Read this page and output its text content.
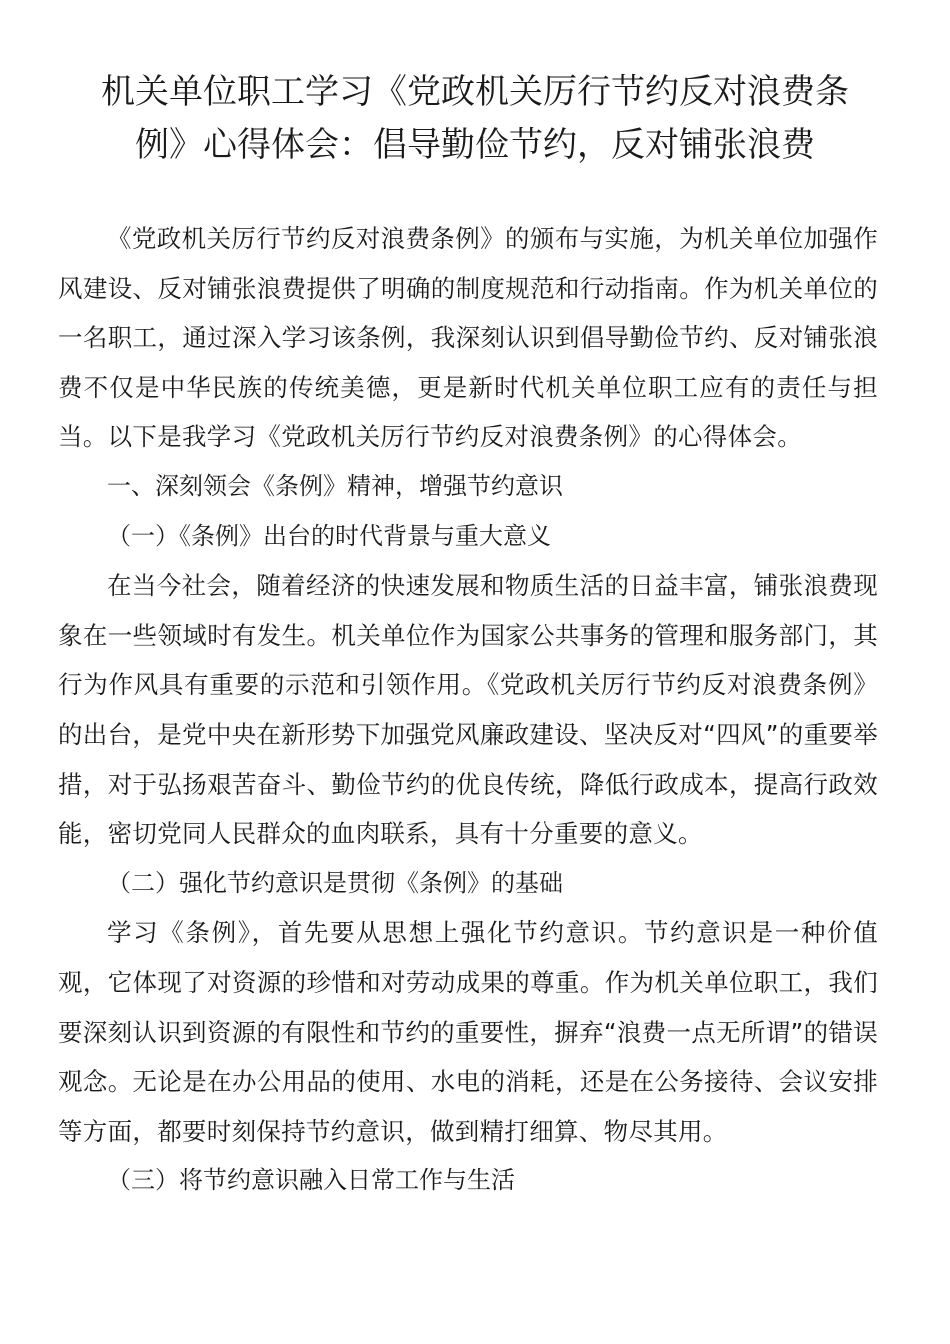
机关单位职工学习《党政机关厉行节约反对浪费条
例》心得体会：倡导勤俭节约，反对铺张浪费

《党政机关厉行节约反对浪费条例》的颁布与实施，为机关单位加强作风建设、反对铺张浪费提供了明确的制度规范和行动指南。作为机关单位的一名职工，通过深入学习该条例，我深刻认识到倡导勤俭节约、反对铺张浪费不仅是中华民族的传统美德，更是新时代机关单位职工应有的责任与担当。以下是我学习《党政机关厉行节约反对浪费条例》的心得体会。

一、深刻领会《条例》精神，增强节约意识

（一）《条例》出台的时代背景与重大意义

在当今社会，随着经济的快速发展和物质生活的日益丰富，铺张浪费现象在一些领域时有发生。机关单位作为国家公共事务的管理和服务部门，其行为作风具有重要的示范和引领作用。《党政机关厉行节约反对浪费条例》的出台，是党中央在新形势下加强党风廉政建设、坚决反对“四风”的重要举措，对于弘扬艰苦奋斗、勤俭节约的优良传统，降低行政成本，提高行政效能，密切党同人民群众的血肉联系，具有十分重要的意义。

（二）强化节约意识是贯彻《条例》的基础

学习《条例》，首先要从思想上强化节约意识。节约意识是一种价值观，它体现了对资源的珍惜和对劳动成果的尊重。作为机关单位职工，我们要深刻认识到资源的有限性和节约的重要性，摒弃“浪费一点无所谓”的错误观念。无论是在办公用品的使用、水电的消耗，还是在公务接待、会议安排等方面，都要时刻保持节约意识，做到精打细算、物尽其用。

（三）将节约意识融入日常工作与生活
